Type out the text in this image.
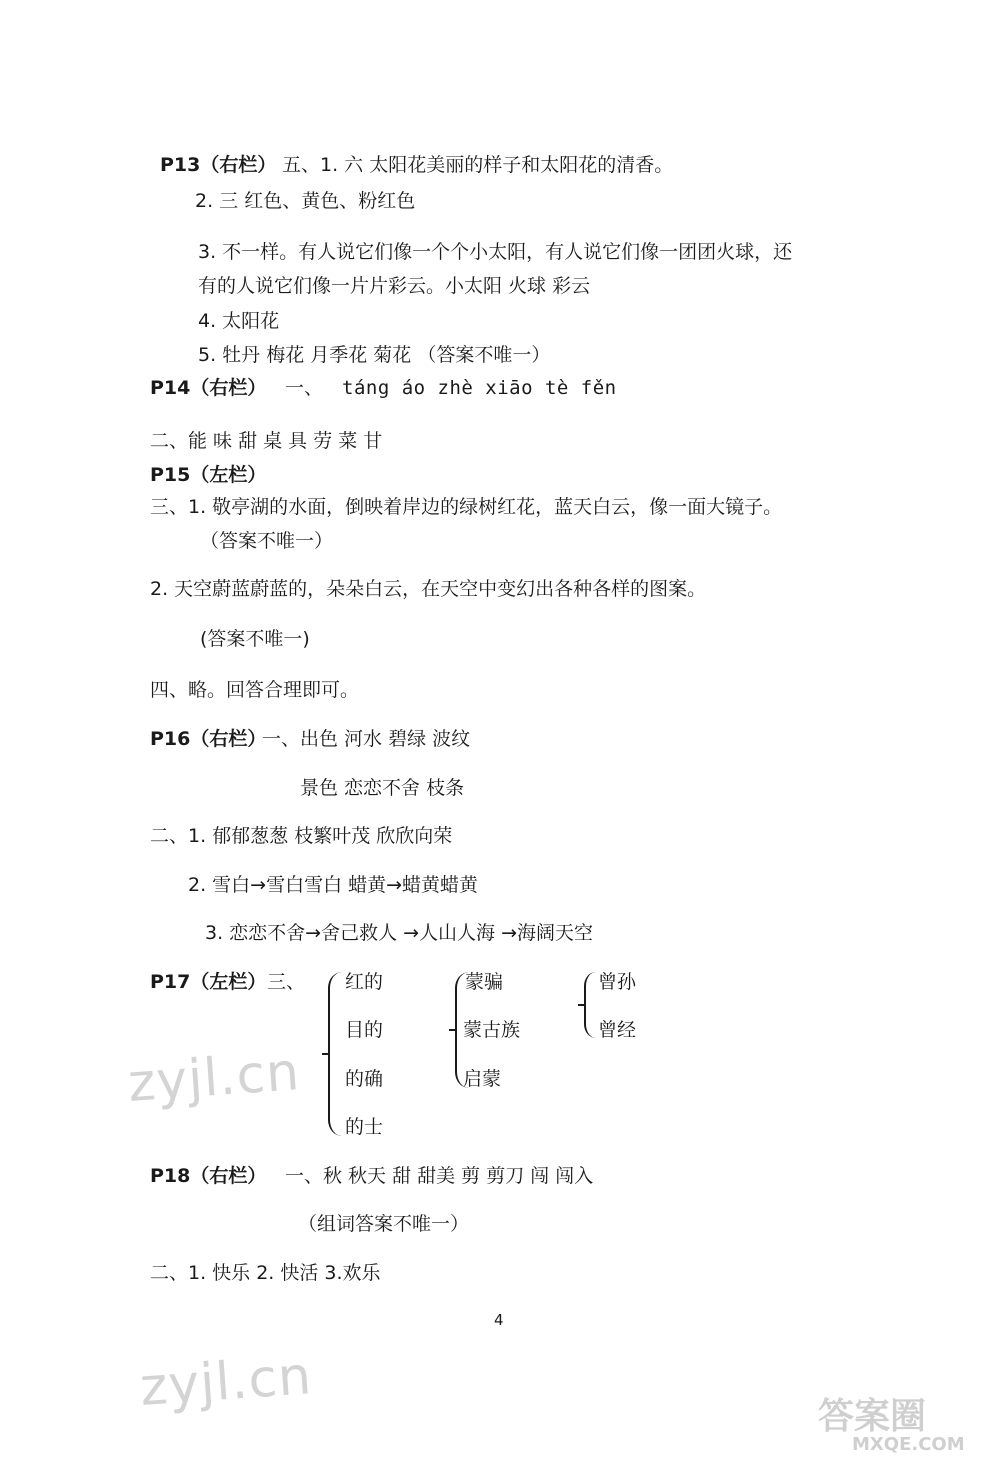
P13（右栏） 五、1. 六 太阳花美丽的样子和太阳花的清香。
2. 三 红色、黄色、粉红色
3. 不一样。有人说它们像一个个小太阳，有人说它们像一团团火球，还
有的人说它们像一片片彩云。小太阳 火球 彩云
4. 太阳花
5. 牡丹 梅花 月季花 菊花 （答案不唯一）
P14（右栏） 一、 táng áo zhè xiāo tè fěn
二、能 味 甜 桌 具 劳 菜 甘
P15（左栏）
三、1. 敬亭湖的水面，倒映着岸边的绿树红花，蓝天白云，像一面大镜子。
（答案不唯一）
2. 天空蔚蓝蔚蓝的，朵朵白云，在天空中变幻出各种各样的图案。
(答案不唯一)
四、略。回答合理即可。
P16（右栏）
一、出色 河水 碧绿 波纹
景色 恋恋不舍 枝条
二、1. 郁郁葱葱 枝繁叶茂 欣欣向荣
2. 雪白→雪白雪白 蜡黄→蜡黄蜡黄
3. 恋恋不舍→舍己救人 →人山人海 →海阔天空
P17（左栏） 三、 红的
目的
的确
的士
蒙骗
蒙古族
启蒙
曾孙
曾经
P18（右栏） 一、秋 秋天 甜 甜美 剪 剪刀 闯 闯入
（组词答案不唯一）
二、1. 快乐 2. 快活 3.欢乐
4
zyjl.cn
zyjl.cn	答案圈
MXQE.COM
